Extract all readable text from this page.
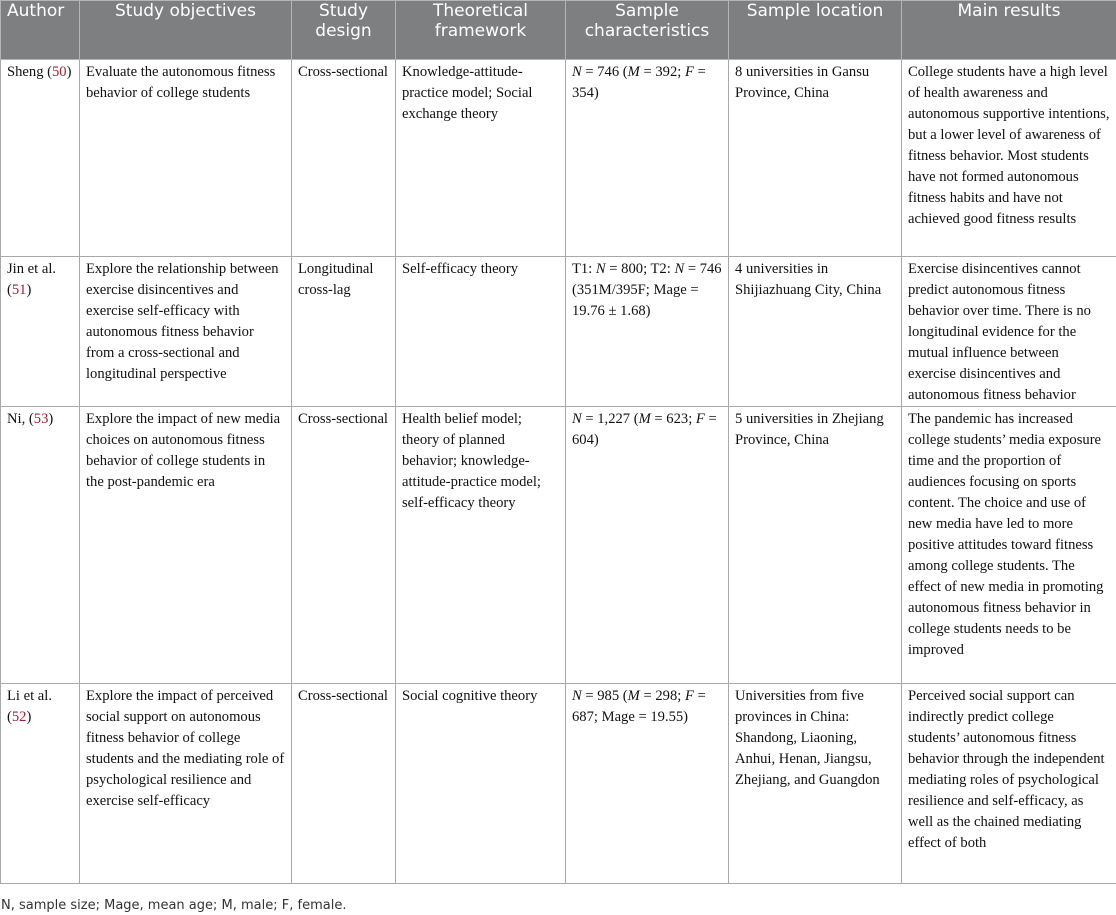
Author	Study objectives	Study design	Theoretical framework	Sample characteristics	Sample location	Main results
Sheng (50)	Evaluate the autonomous fitness behavior of college students	Cross-sectional	Knowledge-attitude-practice model; Social exchange theory	N = 746 (M = 392; F = 354)	8 universities in Gansu Province, China	College students have a high level of health awareness and autonomous supportive intentions, but a lower level of awareness of fitness behavior. Most students have not formed autonomous fitness habits and have not achieved good fitness results
Jin et al. (51)	Explore the relationship between exercise disincentives and exercise self-efficacy with autonomous fitness behavior from a cross-sectional and longitudinal perspective	Longitudinal cross-lag	Self-efficacy theory	T1: N = 800; T2: N = 746 (351M/395F; Mage = 19.76 ± 1.68)	4 universities in Shijiazhuang City, China	Exercise disincentives cannot predict autonomous fitness behavior over time. There is no longitudinal evidence for the mutual influence between exercise disincentives and autonomous fitness behavior
Ni, (53)	Explore the impact of new media choices on autonomous fitness behavior of college students in the post-pandemic era	Cross-sectional	Health belief model; theory of planned behavior; knowledge-attitude-practice model; self-efficacy theory	N = 1,227 (M = 623; F = 604)	5 universities in Zhejiang Province, China	The pandemic has increased college students’ media exposure time and the proportion of audiences focusing on sports content. The choice and use of new media have led to more positive attitudes toward fitness among college students. The effect of new media in promoting autonomous fitness behavior in college students needs to be improved
Li et al. (52)	Explore the impact of perceived social support on autonomous fitness behavior of college students and the mediating role of psychological resilience and exercise self-efficacy	Cross-sectional	Social cognitive theory	N = 985 (M = 298; F = 687; Mage = 19.55)	Universities from five provinces in China: Shandong, Liaoning, Anhui, Henan, Jiangsu, Zhejiang, and Guangdon	Perceived social support can indirectly predict college students’ autonomous fitness behavior through the independent mediating roles of psychological resilience and self-efficacy, as well as the chained mediating effect of both

N, sample size; Mage, mean age; M, male; F, female.
